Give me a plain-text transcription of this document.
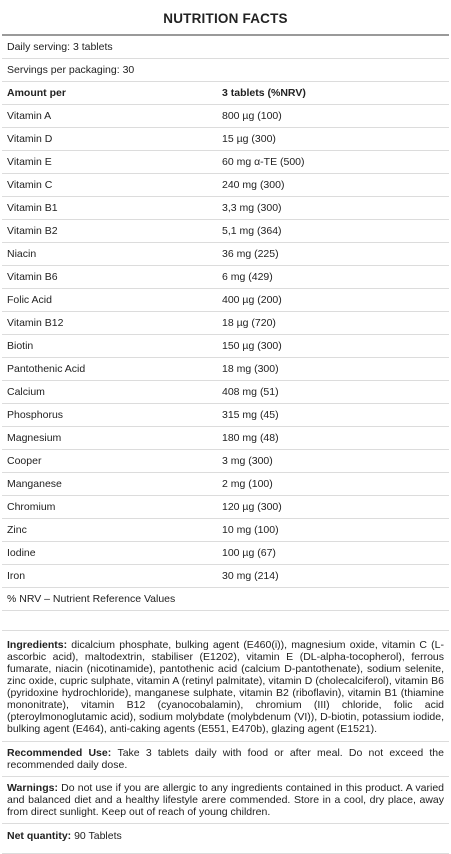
NUTRITION FACTS
Daily serving: 3 tablets
Servings per packaging: 30
Amount per	3 tablets (%NRV)
Vitamin A	800 µg (100)
Vitamin D	15 µg (300)
Vitamin E	60 mg α-TE (500)
Vitamin C	240 mg (300)
Vitamin B1	3,3 mg (300)
Vitamin B2	5,1 mg (364)
Niacin	36 mg (225)
Vitamin B6	6 mg (429)
Folic Acid	400 µg (200)
Vitamin B12	18 µg (720)
Biotin	150 µg (300)
Pantothenic Acid	18 mg (300)
Calcium	408 mg (51)
Phosphorus	315 mg (45)
Magnesium	180 mg (48)
Cooper	3 mg (300)
Manganese	2 mg (100)
Chromium	120 µg (300)
Zinc	10 mg (100)
Iodine	100 µg (67)
Iron	30 mg (214)
% NRV – Nutrient Reference Values
Ingredients: dicalcium phosphate, bulking agent (E460(i)), magnesium oxide, vitamin C (L-ascorbic acid), maltodextrin, stabiliser (E1202), vitamin E (DL-alpha-tocopherol), ferrous fumarate, niacin (nicotinamide), pantothenic acid (calcium D-pantothenate), sodium selenite, zinc oxide, cupric sulphate, vitamin A (retinyl palmitate), vitamin D (cholecalciferol), vitamin B6 (pyridoxine hydrochloride), manganese sulphate, vitamin B2 (riboflavin), vitamin B1 (thiamine mononitrate), vitamin B12 (cyanocobalamin), chromium (III) chloride, folic acid (pteroylmonoglutamic acid), sodium molybdate (molybdenum (VI)), D-biotin, potassium iodide, bulking agent (E464), anti-caking agents (E551, E470b), glazing agent (E1521).
Recommended Use: Take 3 tablets daily with food or after meal. Do not exceed the recommended daily dose.
Warnings: Do not use if you are allergic to any ingredients contained in this product. A varied and balanced diet and a healthy lifestyle arere commended. Store in a cool, dry place, away from direct sunlight. Keep out of reach of young children.
Net quantity: 90 Tablets
